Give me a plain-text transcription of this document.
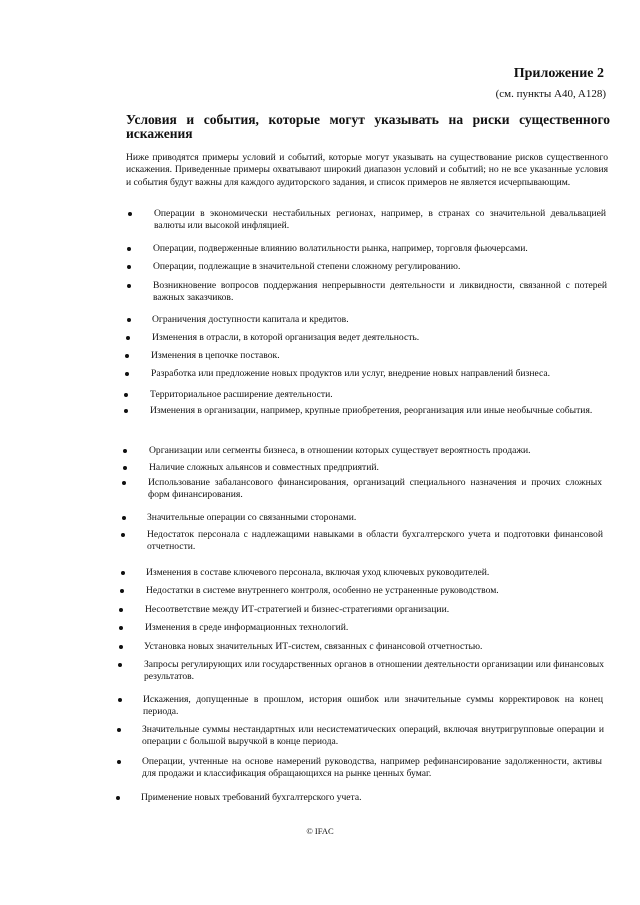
Приложение 2
(см. пункты A40, A128)
Условия и события, которые могут указывать на риски существенного искажения
Ниже приводятся примеры условий и событий, которые могут указывать на существование рисков существенного искажения. Приведенные примеры охватывают широкий диапазон условий и событий; но не все указанные условия и события будут важны для каждого аудиторского задания, и список примеров не является исчерпывающим.
Операции в экономически нестабильных регионах, например, в странах со значительной девальвацией валюты или высокой инфляцией.
Операции, подверженные влиянию волатильности рынка, например, торговля фьючерсами.
Операции, подлежащие в значительной степени сложному регулированию.
Возникновение вопросов поддержания непрерывности деятельности и ликвидности, связанной с потерей важных заказчиков.
Ограничения доступности капитала и кредитов.
Изменения в отрасли, в которой организация ведет деятельность.
Изменения в цепочке поставок.
Разработка или предложение новых продуктов или услуг, внедрение новых направлений бизнеса.
Территориальное расширение деятельности.
Изменения в организации, например, крупные приобретения, реорганизация или иные необычные события.
Организации или сегменты бизнеса, в отношении которых существует вероятность продажи.
Наличие сложных альянсов и совместных предприятий.
Использование забалансового финансирования, организаций специального назначения и прочих сложных форм финансирования.
Значительные операции со связанными сторонами.
Недостаток персонала с надлежащими навыками в области бухгалтерского учета и подготовки финансовой отчетности.
Изменения в составе ключевого персонала, включая уход ключевых руководителей.
Недостатки в системе внутреннего контроля, особенно не устраненные руководством.
Несоответствие между ИТ-стратегией и бизнес-стратегиями организации.
Изменения в среде информационных технологий.
Установка новых значительных ИТ-систем, связанных с финансовой отчетностью.
Запросы регулирующих или государственных органов в отношении деятельности организации или финансовых результатов.
Искажения, допущенные в прошлом, история ошибок или значительные суммы корректировок на конец периода.
Значительные суммы нестандартных или несистематических операций, включая внутригрупповые операции и операции с большой выручкой в конце периода.
Операции, учтенные на основе намерений руководства, например рефинансирование задолженности, активы для продажи и классификация обращающихся на рынке ценных бумаг.
Применение новых требований бухгалтерского учета.
© IFAC
